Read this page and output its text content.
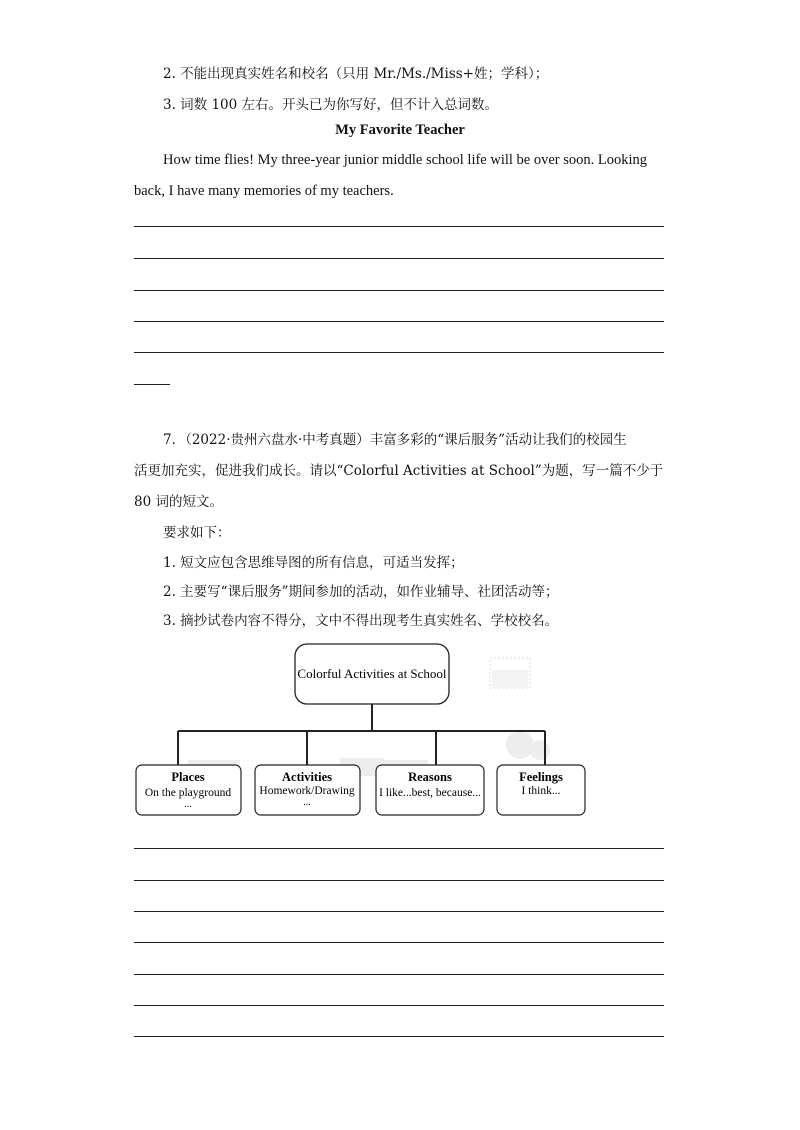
2. 不能出现真实姓名和校名（只用 Mr./Ms./Miss+姓；学科）；
3. 词数 100 左右。开头已为你写好，但不计入总词数。
My Favorite Teacher
How time flies! My three-year junior middle school life will be over soon. Looking
back, I have many memories of my teachers.
7．（2022·贵州六盘水·中考真题）丰富多彩的“课后服务”活动让我们的校园生
活更加充实，促进我们成长。请以“Colorful Activities at School”为题，写一篇不少于
80 词的短文。
要求如下：
1. 短文应包含思维导图的所有信息，可适当发挥；
2. 主要写“课后服务”期间参加的活动，如作业辅导、社团活动等；
3. 摘抄试卷内容不得分，文中不得出现考生真实姓名、学校校名。
Colorful Activities at School
Places
On the playground
...
Activities
Homework/Drawing
...
Reasons
I like...best, because...
Feelings
I think...
